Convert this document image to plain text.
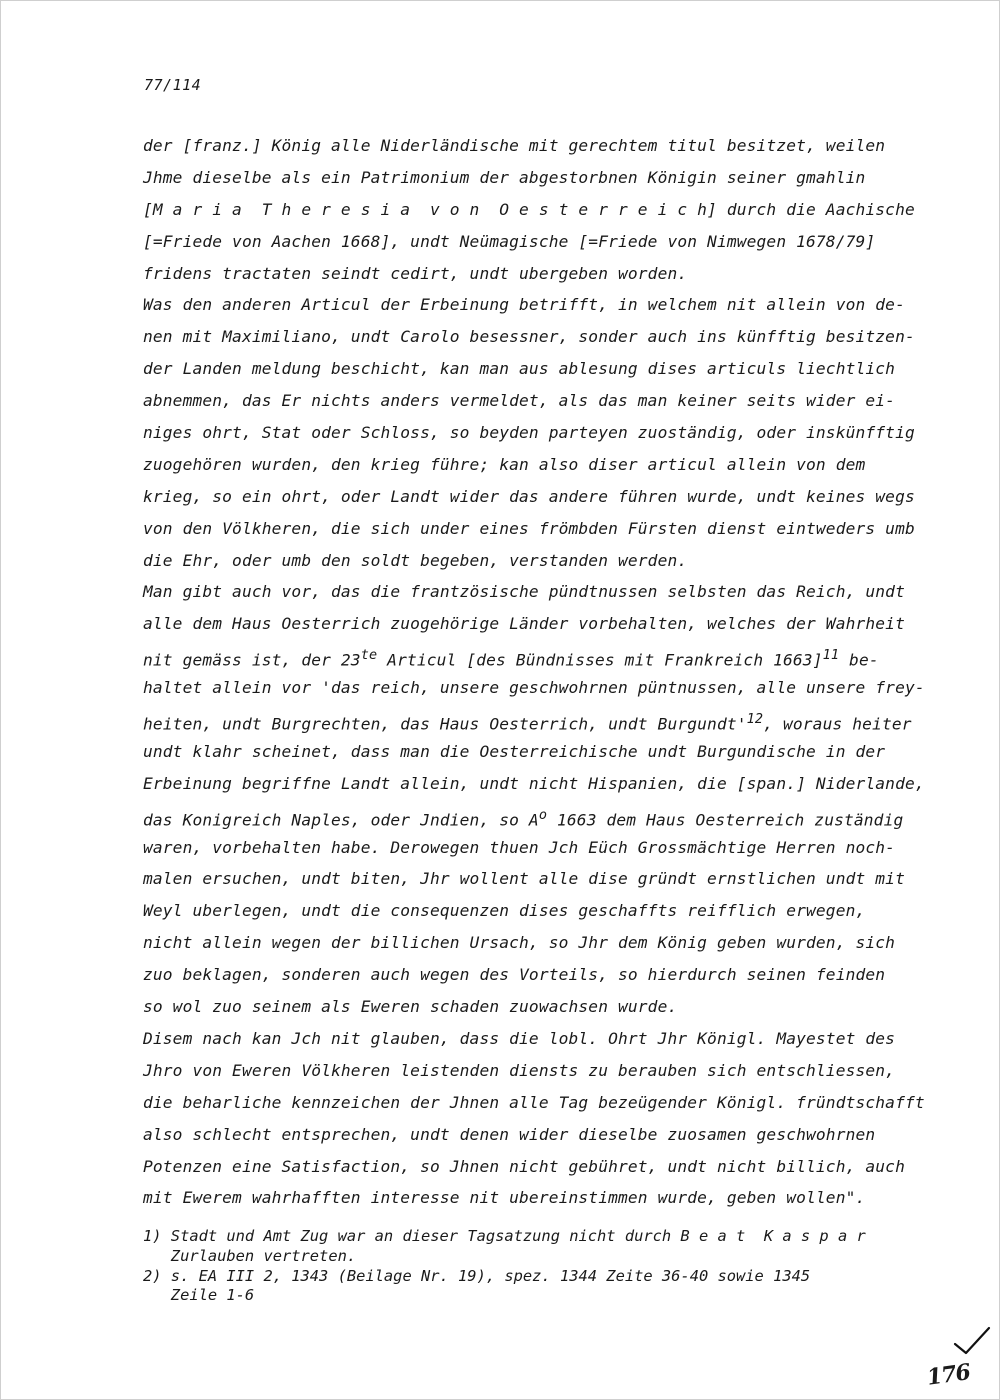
77/114
der [franz.] König alle Niderländische mit gerechtem titul besitzet, weilen
Jhme dieselbe als ein Patrimonium der abgestorbnen Königin seiner gmahlin
[M a r i a  T h e r e s i a  v o n  O e s t e r r e i c h] durch die Aachische
[=Friede von Aachen 1668], undt Neümagische [=Friede von Nimwegen 1678/79]
fridens tractaten seindt cedirt, undt ubergeben worden.
Was den anderen Articul der Erbeinung betrifft, in welchem nit allein von de-
nen mit Maximiliano, undt Carolo besessner, sonder auch ins künfftig besitzen-
der Landen meldung beschicht, kan man aus ablesung dises articuls liechtlich
abnemmen, das Er nichts anders vermeldet, als das man keiner seits wider ei-
niges ohrt, Stat oder Schloss, so beyden parteyen zuoständig, oder inskünfftig
zuogehören wurden, den krieg führe; kan also diser articul allein von dem
krieg, so ein ohrt, oder Landt wider das andere führen wurde, undt keines wegs
von den Völkheren, die sich under eines frömbden Fürsten dienst eintweders umb
die Ehr, oder umb den soldt begeben, verstanden werden.
Man gibt auch vor, das die frantzösische pündtnussen selbsten das Reich, undt
alle dem Haus Oesterrich zuogehörige Länder vorbehalten, welches der Wahrheit
nit gemäss ist, der $23^{te}$ Articul [des Bündnisses mit Frankreich 1663]$^{11}$ be-
haltet allein vor 'das reich, unsere geschwohrnen püntnussen, alle unsere frey-
heiten, undt Burgrechten, das Haus Oesterrich, undt $Burgundt'^{12}$, woraus heiter
undt klahr scheinet, dass man die Oesterreichische undt Burgundische in der
Erbeinung begriffne Landt allein, undt nicht Hispanien, die [span.] Niderlande,
das Konigreich Naples, oder Jndien, so $A^o$ 1663 dem Haus Oesterreich zuständig
waren, vorbehalten habe. Derowegen thuen Jch Eüch Grossmächtige Herren noch-
malen ersuchen, undt biten, Jhr wollent alle dise gründt ernstlichen undt mit
Weyl uberlegen, undt die consequenzen dises geschaffts reifflich erwegen,
nicht allein wegen der billichen Ursach, so Jhr dem König geben wurden, sich
zuo beklagen, sonderen auch wegen des Vorteils, so hierdurch seinen feinden
so wol zuo seinem als Eweren schaden zuowachsen wurde.
Disem nach kan Jch nit glauben, dass die lobl. Ohrt Jhr Königl. Mayestet des
Jhro von Eweren Völkheren leistenden diensts zu berauben sich entschliessen,
die beharliche kennzeichen der Jhnen alle Tag bezeügender Königl. fründtschafft
also schlecht entsprechen, undt denen wider dieselbe zuosamen geschwohrnen
Potenzen eine Satisfaction, so Jhnen nicht gebühret, undt nicht billich, auch
mit Ewerem wahrhafften interesse nit ubereinstimmen wurde, geben wollen".
1) Stadt und Amt Zug war an dieser Tagsatzung nicht durch B e a t  K a s p a r
Zurlauben vertreten.
2) s. EA III 2, 1343 (Beilage Nr. 19), spez. 1344 Zeite 36-40 sowie 1345
Zeile 1-6
176
